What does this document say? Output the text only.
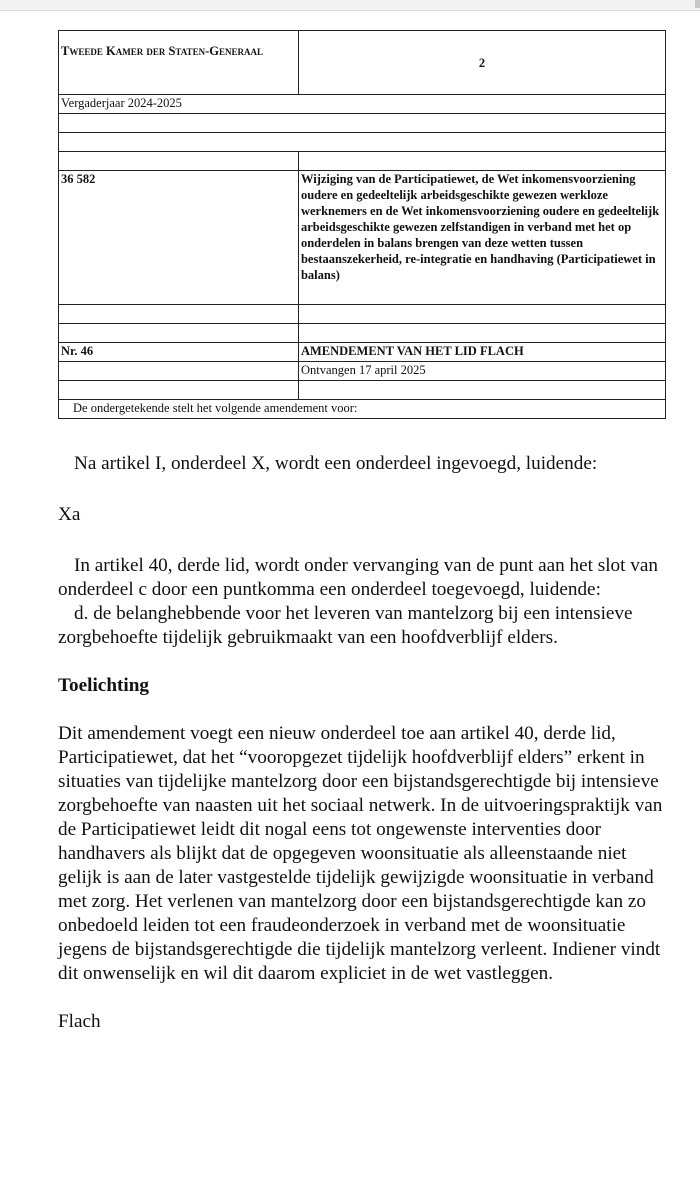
Tweede Kamer der Staten-Generaal	2
Vergaderjaar 2024-2025	

36 582	Wijziging van de Participatiewet, de Wet inkomensvoorziening oudere en gedeeltelijk arbeidsgeschikte gewezen werkloze werknemers en de Wet inkomensvoorziening oudere en gedeeltelijk arbeidsgeschikte gewezen zelfstandigen in verband met het op onderdelen in balans brengen van deze wetten tussen bestaanszekerheid, re-integratie en handhaving (Participatiewet in balans)

Nr. 46	AMENDEMENT VAN HET LID FLACH
	Ontvangen 17 april 2025

De ondergetekende stelt het volgende amendement voor:	

Na artikel I, onderdeel X, wordt een onderdeel ingevoegd, luidende:

Xa

In artikel 40, derde lid, wordt onder vervanging van de punt aan het slot van onderdeel c door een puntkomma een onderdeel toegevoegd, luidende:

d. de belanghebbende voor het leveren van mantelzorg bij een intensieve zorgbehoefte tijdelijk gebruikmaakt van een hoofdverblijf elders.

Toelichting

Dit amendement voegt een nieuw onderdeel toe aan artikel 40, derde lid, Participatiewet, dat het “vooropgezet tijdelijk hoofdverblijf elders” erkent in situaties van tijdelijke mantelzorg door een bijstandsgerechtigde bij intensieve zorgbehoefte van naasten uit het sociaal netwerk. In de uitvoeringspraktijk van de Participatiewet leidt dit nogal eens tot ongewenste interventies door handhavers als blijkt dat de opgegeven woonsituatie als alleenstaande niet gelijk is aan de later vastgestelde tijdelijk gewijzigde woonsituatie in verband met zorg. Het verlenen van mantelzorg door een bijstandsgerechtigde kan zo onbedoeld leiden tot een fraudeonderzoek in verband met de woonsituatie jegens de bijstandsgerechtigde die tijdelijk mantelzorg verleent. Indiener vindt dit onwenselijk en wil dit daarom expliciet in de wet vastleggen.

Flach
